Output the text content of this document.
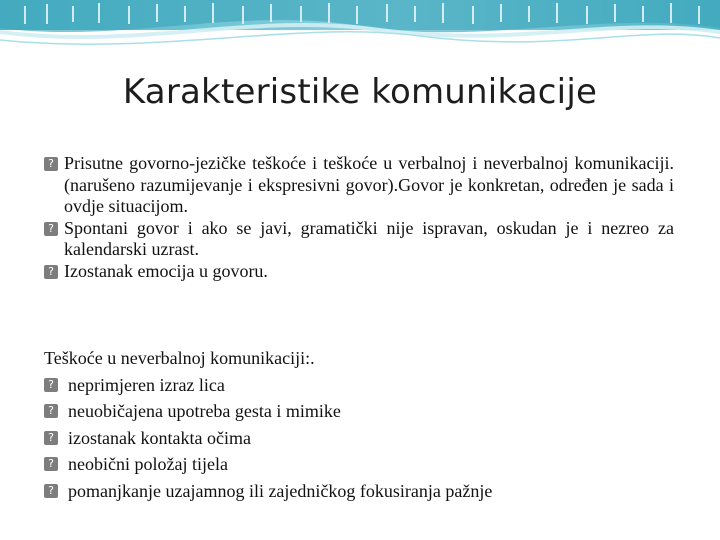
Karakteristike komunikacije
? Prisutne govorno-jezičke teškoće i teškoće u verbalnoj i neverbalnoj komunikaciji. (narušeno razumijevanje i ekspresivni govor).Govor je konkretan, određen je sada i ovdje situacijom.
? Spontani govor i ako se javi, gramatički nije ispravan, oskudan je i nezreo za kalendarski uzrast.
? Izostanak emocija u govoru.
Teškoće u neverbalnoj komunikaciji:.
? neprimjeren izraz lica
? neuobičajena upotreba gesta i mimike
? izostanak kontakta očima
? neobični položaj tijela
? pomanjkanje uzajamnog ili zajedničkog fokusiranja pažnje
